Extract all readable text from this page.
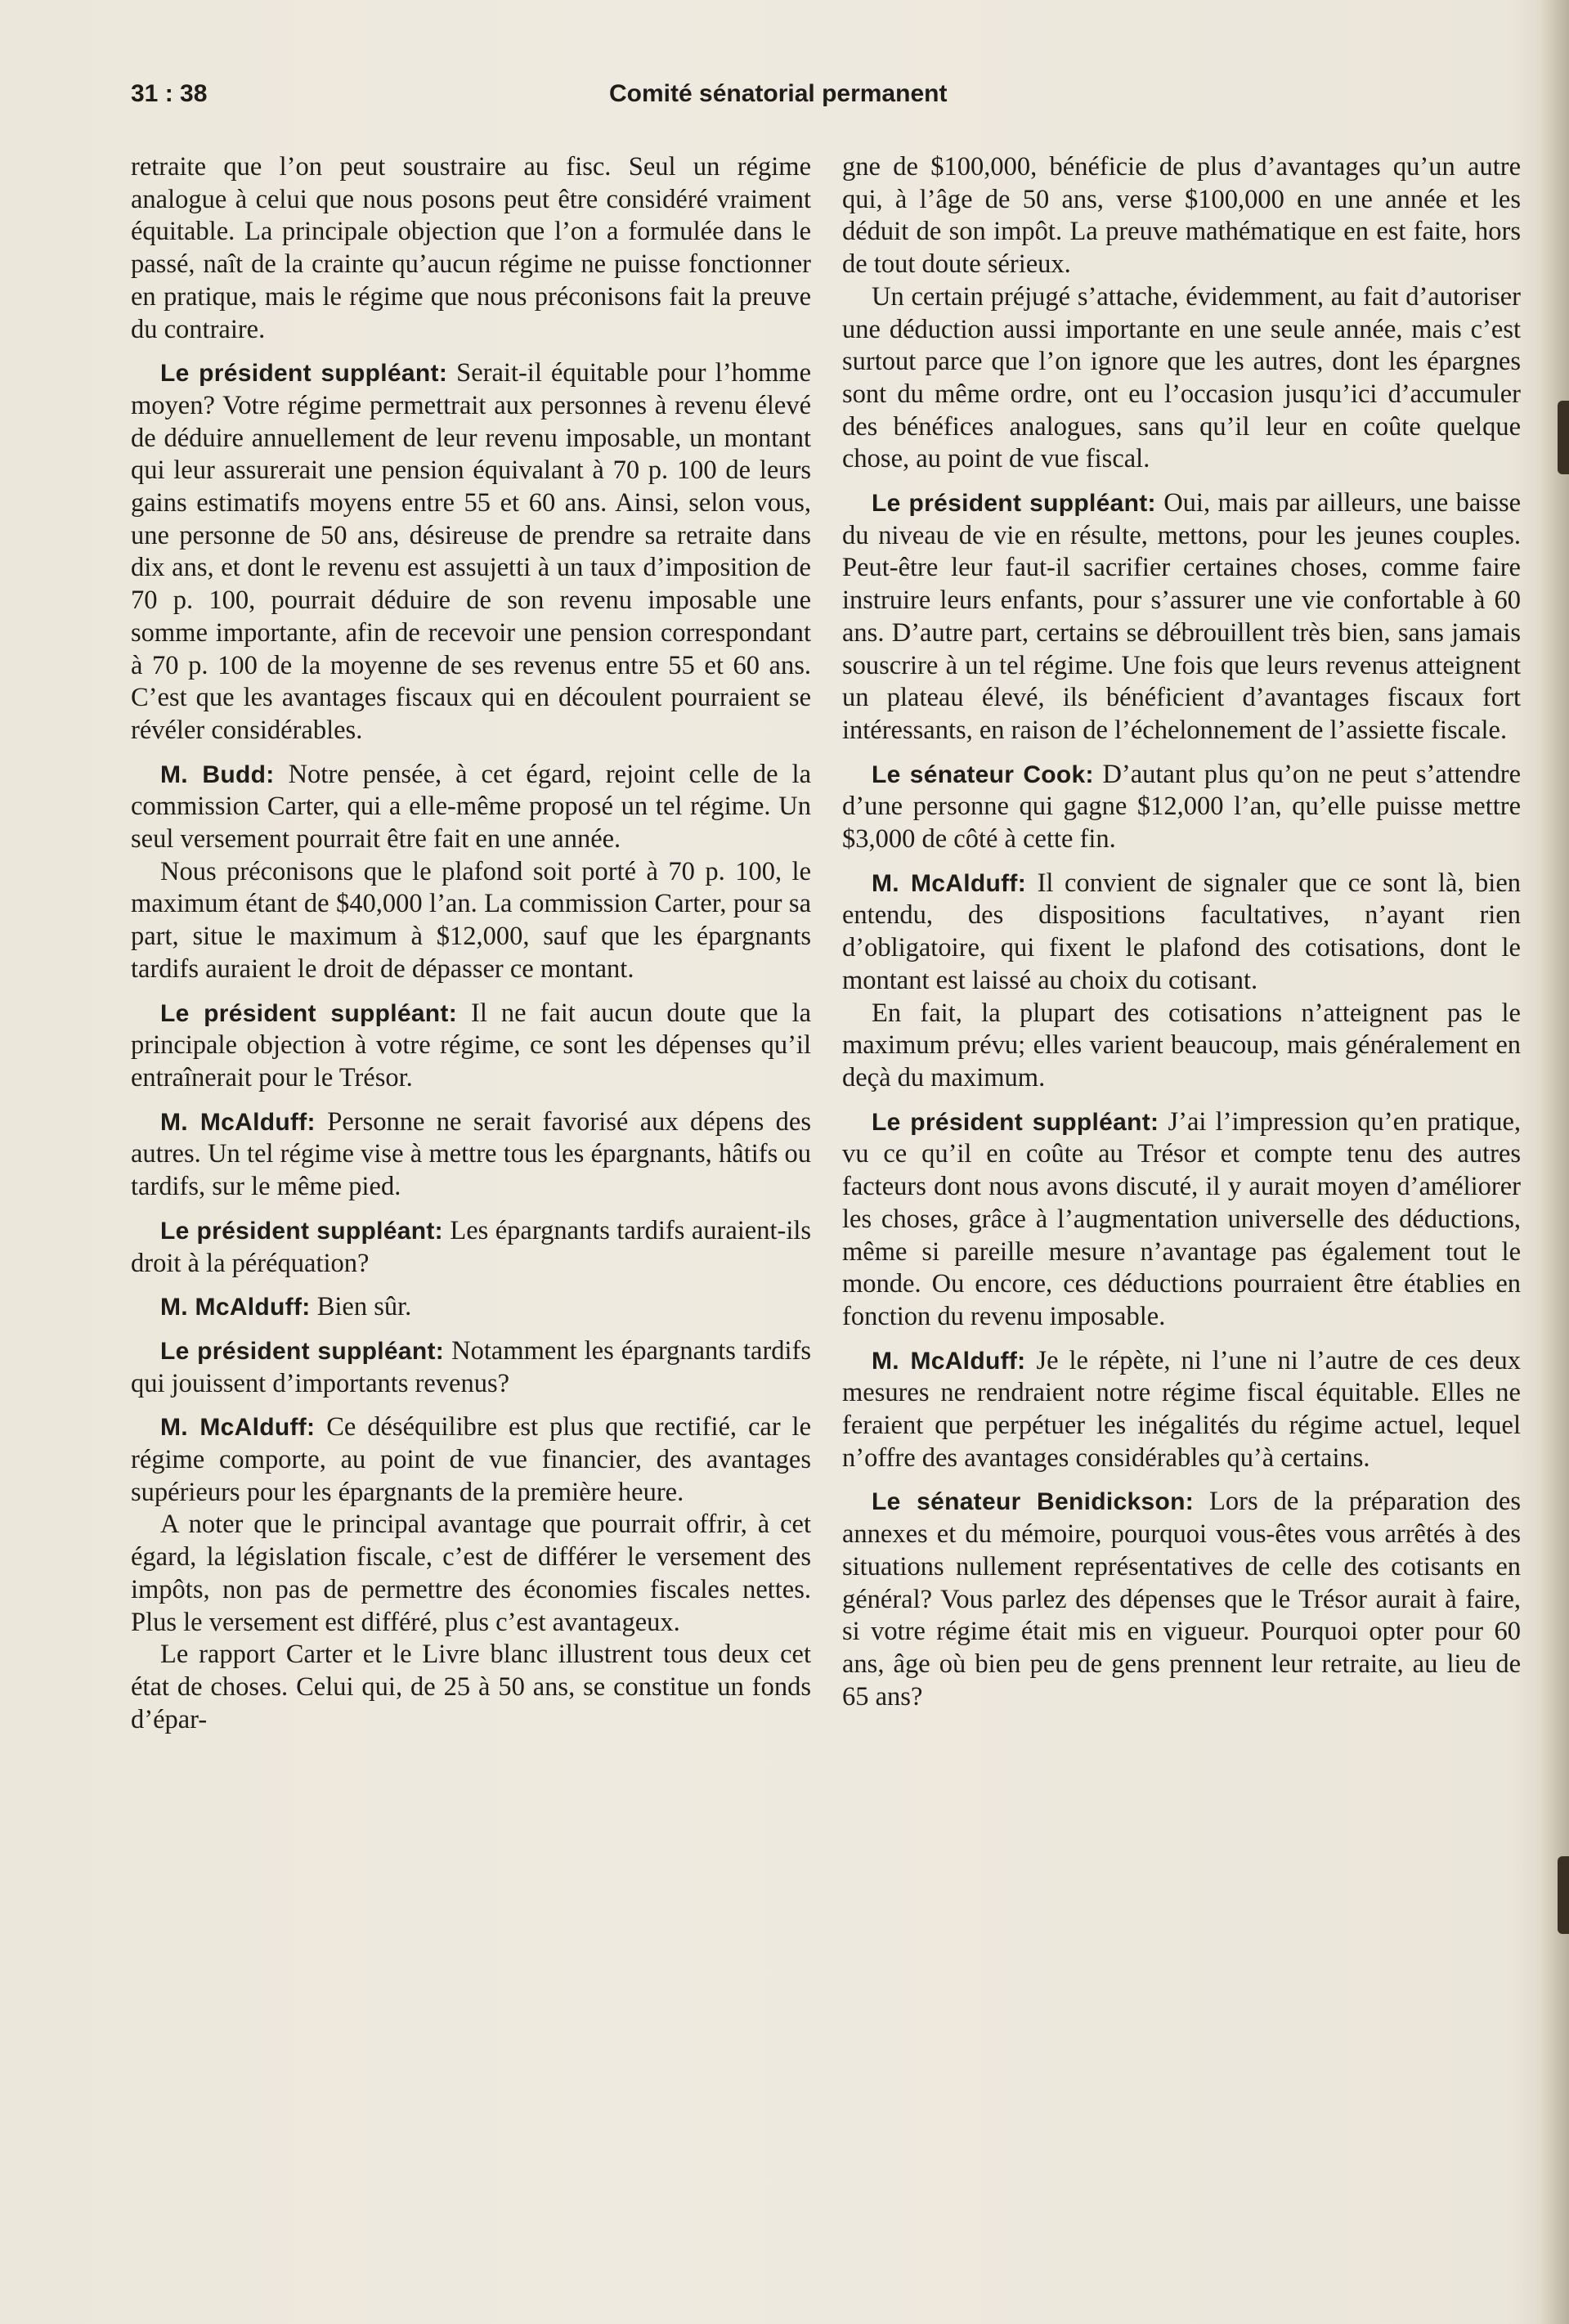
31 : 38	Comité sénatorial permanent

retraite que l’on peut soustraire au fisc. Seul un régime analogue à celui que nous posons peut être considéré vraiment équitable. La principale objection que l’on a formulée dans le passé, naît de la crainte qu’aucun régime ne puisse fonctionner en pratique, mais le régime que nous préconisons fait la preuve du contraire.

Le président suppléant: Serait-il équitable pour l’homme moyen? Votre régime permettrait aux personnes à revenu élevé de déduire annuellement de leur revenu imposable, un montant qui leur assurerait une pension équivalant à 70 p. 100 de leurs gains estimatifs moyens entre 55 et 60 ans. Ainsi, selon vous, une personne de 50 ans, désireuse de prendre sa retraite dans dix ans, et dont le revenu est assujetti à un taux d’imposition de 70 p. 100, pourrait déduire de son revenu imposable une somme importante, afin de recevoir une pension correspondant à 70 p. 100 de la moyenne de ses revenus entre 55 et 60 ans. C’est que les avantages fiscaux qui en découlent pourraient se révéler considérables.

M. Budd: Notre pensée, à cet égard, rejoint celle de la commission Carter, qui a elle-même proposé un tel régime. Un seul versement pourrait être fait en une année.

Nous préconisons que le plafond soit porté à 70 p. 100, le maximum étant de $40,000 l’an. La commission Carter, pour sa part, situe le maximum à $12,000, sauf que les épargnants tardifs auraient le droit de dépasser ce montant.

Le président suppléant: Il ne fait aucun doute que la principale objection à votre régime, ce sont les dépenses qu’il entraînerait pour le Trésor.

M. McAlduff: Personne ne serait favorisé aux dépens des autres. Un tel régime vise à mettre tous les épargnants, hâtifs ou tardifs, sur le même pied.

Le président suppléant: Les épargnants tardifs auraient-ils droit à la péréquation?

M. McAlduff: Bien sûr.

Le président suppléant: Notamment les épargnants tardifs qui jouissent d’importants revenus?

M. McAlduff: Ce déséquilibre est plus que rectifié, car le régime comporte, au point de vue financier, des avantages supérieurs pour les épargnants de la première heure.

A noter que le principal avantage que pourrait offrir, à cet égard, la législation fiscale, c’est de différer le versement des impôts, non pas de permettre des économies fiscales nettes. Plus le versement est différé, plus c’est avantageux.

Le rapport Carter et le Livre blanc illustrent tous deux cet état de choses. Celui qui, de 25 à 50 ans, se constitue un fonds d’épar-

gne de $100,000, bénéficie de plus d’avantages qu’un autre qui, à l’âge de 50 ans, verse $100,000 en une année et les déduit de son impôt. La preuve mathématique en est faite, hors de tout doute sérieux.

Un certain préjugé s’attache, évidemment, au fait d’autoriser une déduction aussi importante en une seule année, mais c’est surtout parce que l’on ignore que les autres, dont les épargnes sont du même ordre, ont eu l’occasion jusqu’ici d’accumuler des bénéfices analogues, sans qu’il leur en coûte quelque chose, au point de vue fiscal.

Le président suppléant: Oui, mais par ailleurs, une baisse du niveau de vie en résulte, mettons, pour les jeunes couples. Peut-être leur faut-il sacrifier certaines choses, comme faire instruire leurs enfants, pour s’assurer une vie confortable à 60 ans. D’autre part, certains se débrouillent très bien, sans jamais souscrire à un tel régime. Une fois que leurs revenus atteignent un plateau élevé, ils bénéficient d’avantages fiscaux fort intéressants, en raison de l’échelonnement de l’assiette fiscale.

Le sénateur Cook: D’autant plus qu’on ne peut s’attendre d’une personne qui gagne $12,000 l’an, qu’elle puisse mettre $3,000 de côté à cette fin.

M. McAlduff: Il convient de signaler que ce sont là, bien entendu, des dispositions facultatives, n’ayant rien d’obligatoire, qui fixent le plafond des cotisations, dont le montant est laissé au choix du cotisant.

En fait, la plupart des cotisations n’atteignent pas le maximum prévu; elles varient beaucoup, mais généralement en deçà du maximum.

Le président suppléant: J’ai l’impression qu’en pratique, vu ce qu’il en coûte au Trésor et compte tenu des autres facteurs dont nous avons discuté, il y aurait moyen d’améliorer les choses, grâce à l’augmentation universelle des déductions, même si pareille mesure n’avantage pas également tout le monde. Ou encore, ces déductions pourraient être établies en fonction du revenu imposable.

M. McAlduff: Je le répète, ni l’une ni l’autre de ces deux mesures ne rendraient notre régime fiscal équitable. Elles ne feraient que perpétuer les inégalités du régime actuel, lequel n’offre des avantages considérables qu’à certains.

Le sénateur Benidickson: Lors de la préparation des annexes et du mémoire, pourquoi vous-êtes vous arrêtés à des situations nullement représentatives de celle des cotisants en général? Vous parlez des dépenses que le Trésor aurait à faire, si votre régime était mis en vigueur. Pourquoi opter pour 60 ans, âge où bien peu de gens prennent leur retraite, au lieu de 65 ans?
